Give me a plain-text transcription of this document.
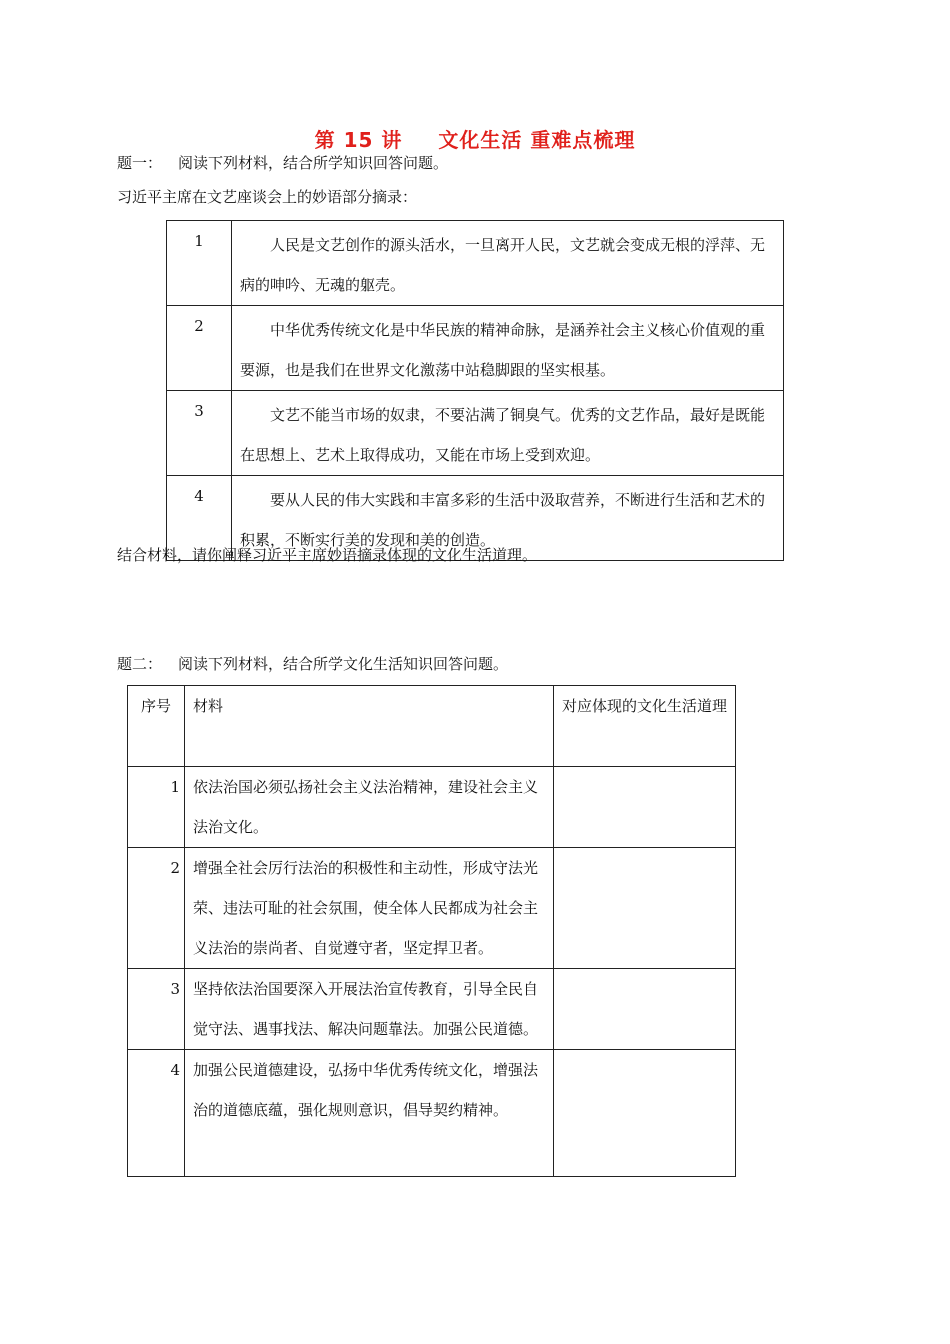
第 15 讲 文化生活 重难点梳理
题一： 阅读下列材料，结合所学知识回答问题。
习近平主席在文艺座谈会上的妙语部分摘录：
1	人民是文艺创作的源头活水，一旦离开人民，文艺就会变成无根的浮萍、无病的呻吟、无魂的躯壳。
2	中华优秀传统文化是中华民族的精神命脉，是涵养社会主义核心价值观的重要源，也是我们在世界文化激荡中站稳脚跟的坚实根基。
3	文艺不能当市场的奴隶，不要沾满了铜臭气。优秀的文艺作品，最好是既能在思想上、艺术上取得成功，又能在市场上受到欢迎。
4	要从人民的伟大实践和丰富多彩的生活中汲取营养，不断进行生活和艺术的积累，不断实行美的发现和美的创造。
结合材料，请你阐释习近平主席妙语摘录体现的文化生活道理。
题二： 阅读下列材料，结合所学文化生活知识回答问题。
序号	材料	对应体现的文化生活道理
1	依法治国必须弘扬社会主义法治精神，建设社会主义法治文化。	
2	增强全社会厉行法治的积极性和主动性，形成守法光荣、违法可耻的社会氛围，使全体人民都成为社会主义法治的崇尚者、自觉遵守者，坚定捍卫者。	
3	坚持依法治国要深入开展法治宣传教育，引导全民自觉守法、遇事找法、解决问题靠法。加强公民道德。	
4	加强公民道德建设，弘扬中华优秀传统文化，增强法治的道德底蕴，强化规则意识，倡导契约精神。	
